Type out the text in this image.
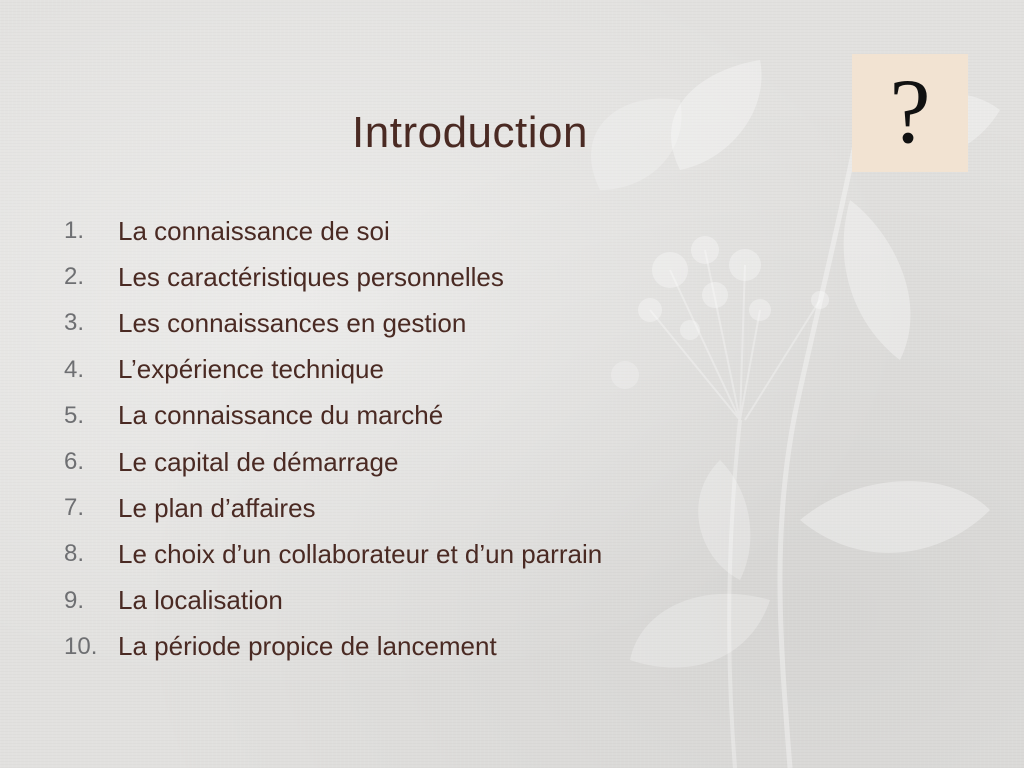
Introduction	?
1.	La connaissance de soi
2.	Les caractéristiques personnelles
3.	Les connaissances en gestion
4.	L’expérience technique
5.	La connaissance du marché
6.	Le capital de démarrage
7.	Le plan d’affaires
8.	Le choix d’un collaborateur et d’un parrain
9.	La localisation
10. La période propice de lancement
